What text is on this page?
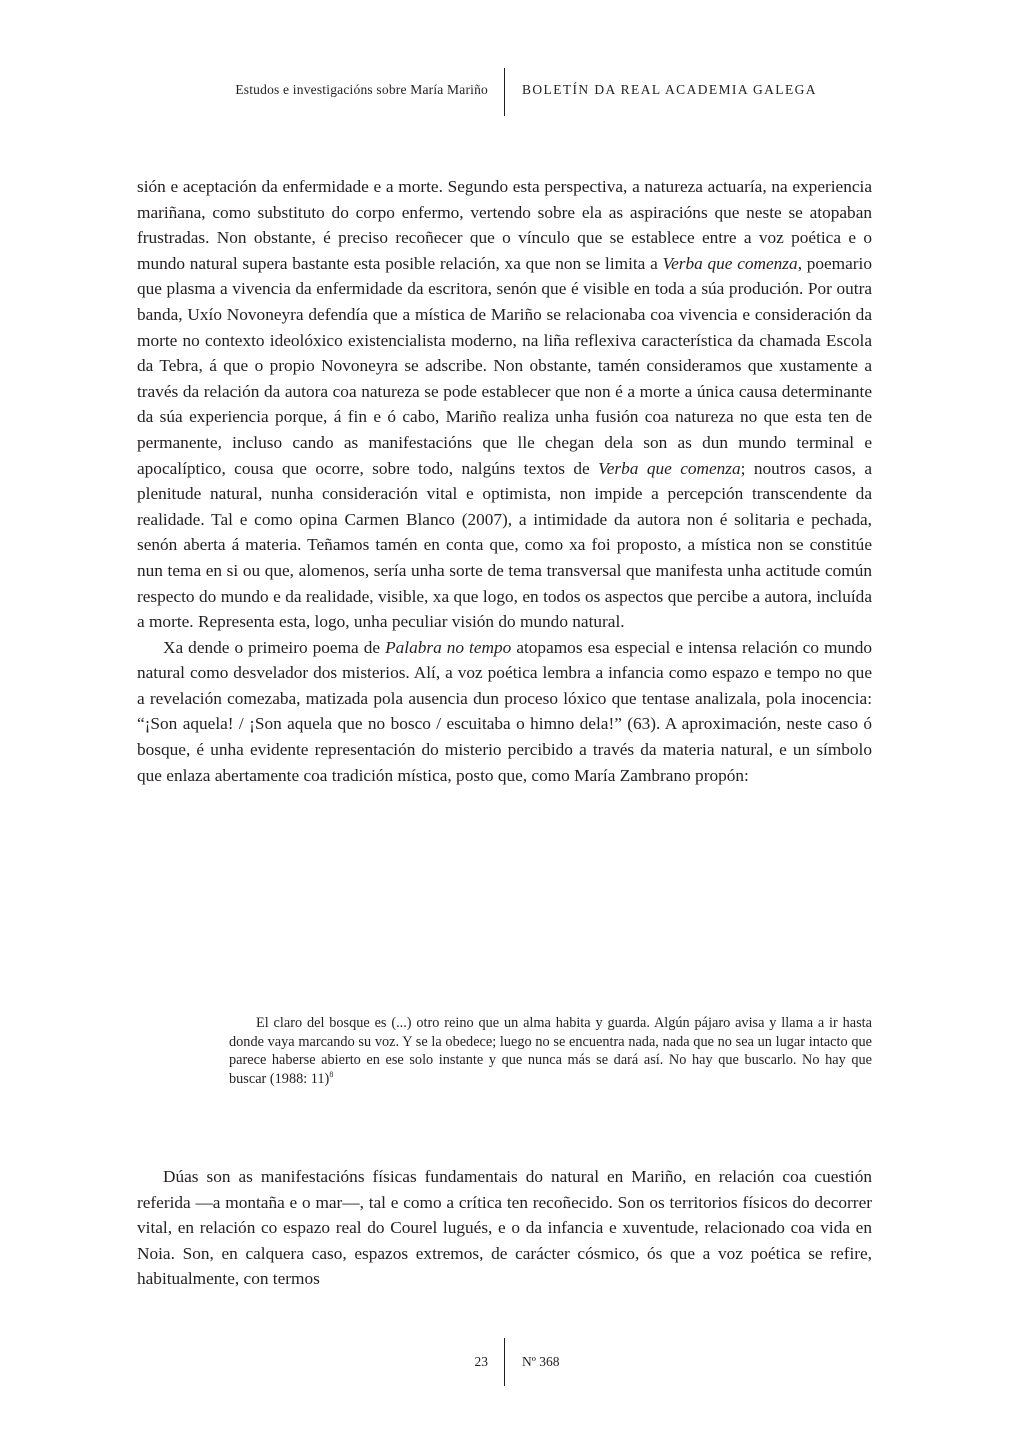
Estudos e investigacións sobre María Mariño	BOLETÍN DA REAL ACADEMIA GALEGA

sión e aceptación da enfermidade e a morte. Segundo esta perspectiva, a natureza actuaría, na experiencia mariñana, como substituto do corpo enfermo, vertendo sobre ela as aspiracións que neste se atopaban frustradas. Non obstante, é preciso recoñecer que o vínculo que se establece entre a voz poética e o mundo natural supera bastante esta posible relación, xa que non se limita a Verba que comenza, poemario que plasma a vivencia da enfermidade da escritora, senón que é visible en toda a súa produción. Por outra banda, Uxío Novoneyra defendía que a mística de Mariño se relacionaba coa vivencia e consideración da morte no contexto ideolóxico existencialista moderno, na liña reflexiva característica da chamada Escola da Tebra, á que o propio Novoneyra se adscribe. Non obstante, tamén consideramos que xustamente a través da relación da autora coa natureza se pode establecer que non é a morte a única causa determinante da súa experiencia porque, á fin e ó cabo, Mariño realiza unha fusión coa natureza no que esta ten de permanente, incluso cando as manifestacións que lle chegan dela son as dun mundo terminal e apocalíptico, cousa que ocorre, sobre todo, nalgúns textos de Verba que comenza; noutros casos, a plenitude natural, nunha consideración vital e optimista, non impide a percepción transcendente da realidade. Tal e como opina Carmen Blanco (2007), a intimidade da autora non é solitaria e pechada, senón aberta á materia. Teñamos tamén en conta que, como xa foi proposto, a mística non se constitúe nun tema en si ou que, alomenos, sería unha sorte de tema transversal que manifesta unha actitude común respecto do mundo e da realidade, visible, xa que logo, en todos os aspectos que percibe a autora, incluída a morte. Representa esta, logo, unha peculiar visión do mundo natural.

Xa dende o primeiro poema de Palabra no tempo atopamos esa especial e intensa relación co mundo natural como desvelador dos misterios. Alí, a voz poética lembra a infancia como espazo e tempo no que a revelación comezaba, matizada pola ausencia dun proceso lóxico que tentase analizala, pola inocencia: “¡Son aquela! / ¡Son aquela que no bosco / escuitaba o himno dela!” (63). A aproximación, neste caso ó bosque, é unha evidente representación do misterio percibido a través da materia natural, e un símbolo que enlaza abertamente coa tradición mística, posto que, como María Zambrano propón:

El claro del bosque es (...) otro reino que un alma habita y guarda. Algún pájaro avisa y llama a ir hasta donde vaya marcando su voz. Y se la obedece; luego no se encuentra nada, nada que no sea un lugar intacto que parece haberse abierto en ese solo instante y que nunca más se dará así. No hay que buscarlo. No hay que buscar (1988: 11)$^8$

Dúas son as manifestacións físicas fundamentais do natural en Mariño, en relación coa cuestión referida —a montaña e o mar—, tal e como a crítica ten recoñecido. Son os territorios físicos do decorrer vital, en relación co espazo real do Courel lugués, e o da infancia e xuventude, relacionado coa vida en Noia. Son, en calquera caso, espazos extremos, de carácter cósmico, ós que a voz poética se refire, habitualmente, con termos

23	Nº 368
